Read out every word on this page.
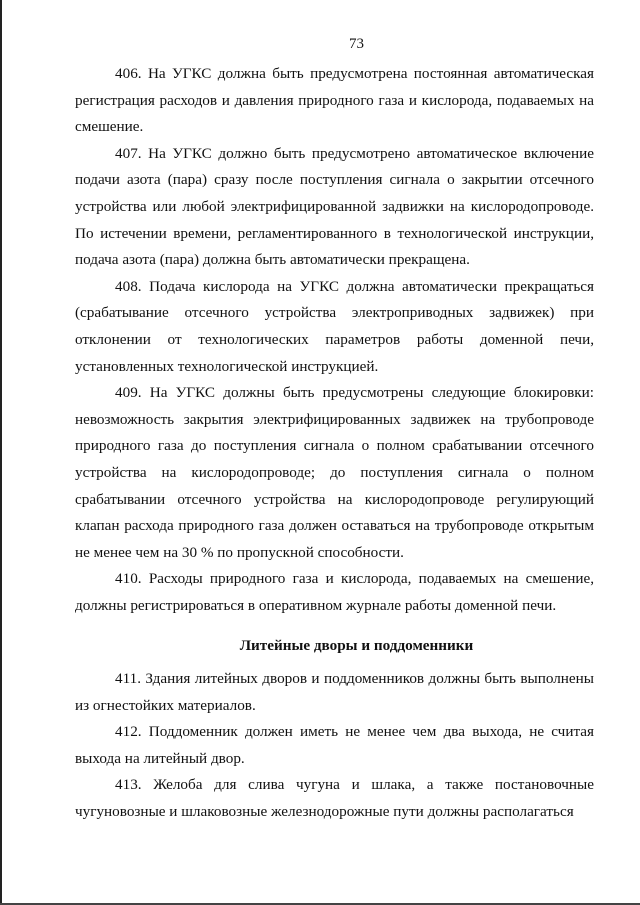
73

406. На УГКС должна быть предусмотрена постоянная автоматическая регистрация расходов и давления природного газа и кислорода, подаваемых на смешение.

407. На УГКС должно быть предусмотрено автоматическое включение подачи азота (пара) сразу после поступления сигнала о закрытии отсечного устройства или любой электрифицированной задвижки на кислородопроводе. По истечении времени, регламентированного в технологической инструкции, подача азота (пара) должна быть автоматически прекращена.

408. Подача кислорода на УГКС должна автоматически прекращаться (срабатывание отсечного устройства электроприводных задвижек) при отклонении от технологических параметров работы доменной печи, установленных технологической инструкцией.

409. На УГКС должны быть предусмотрены следующие блокировки: невозможность закрытия электрифицированных задвижек на трубопроводе природного газа до поступления сигнала о полном срабатывании отсечного устройства на кислородопроводе; до поступления сигнала о полном срабатывании отсечного устройства на кислородопроводе регулирующий клапан расхода природного газа должен оставаться на трубопроводе открытым не менее чем на 30 % по пропускной способности.

410. Расходы природного газа и кислорода, подаваемых на смешение, должны регистрироваться в оперативном журнале работы доменной печи.

Литейные дворы и поддоменники

411. Здания литейных дворов и поддоменников должны быть выполнены из огнестойких материалов.

412. Поддоменник должен иметь не менее чем два выхода, не считая выхода на литейный двор.

413. Желоба для слива чугуна и шлака, а также постановочные чугуновозные и шлаковозные железнодорожные пути должны располагаться
